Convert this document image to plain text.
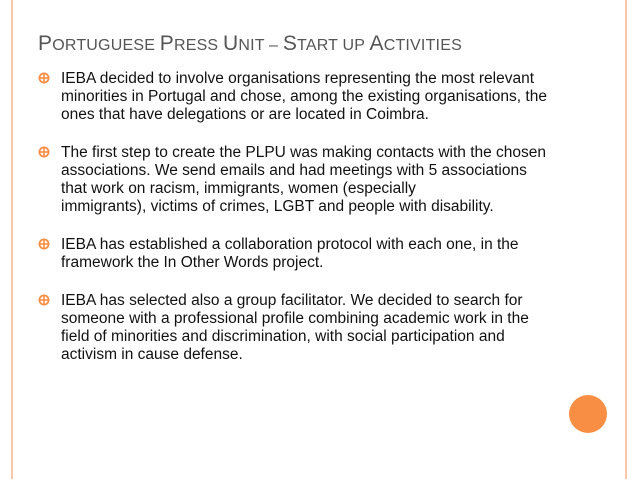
PORTUGUESE PRESS UNIT – START UP ACTIVITIES
IEBA decided to involve organisations representing the most relevant
minorities in Portugal and chose, among the existing organisations, the
ones that have delegations or are located in Coimbra.
The first step to create the PLPU was making contacts with the chosen
associations. We send emails and had meetings with 5 associations
that work on racism, immigrants, women (especially
immigrants), victims of crimes, LGBT and people with disability.
IEBA has established a collaboration protocol with each one, in the
framework the In Other Words project.
IEBA has selected also a group facilitator. We decided to search for
someone with a professional profile combining academic work in the
field of minorities and discrimination, with social participation and
activism in cause defense.
